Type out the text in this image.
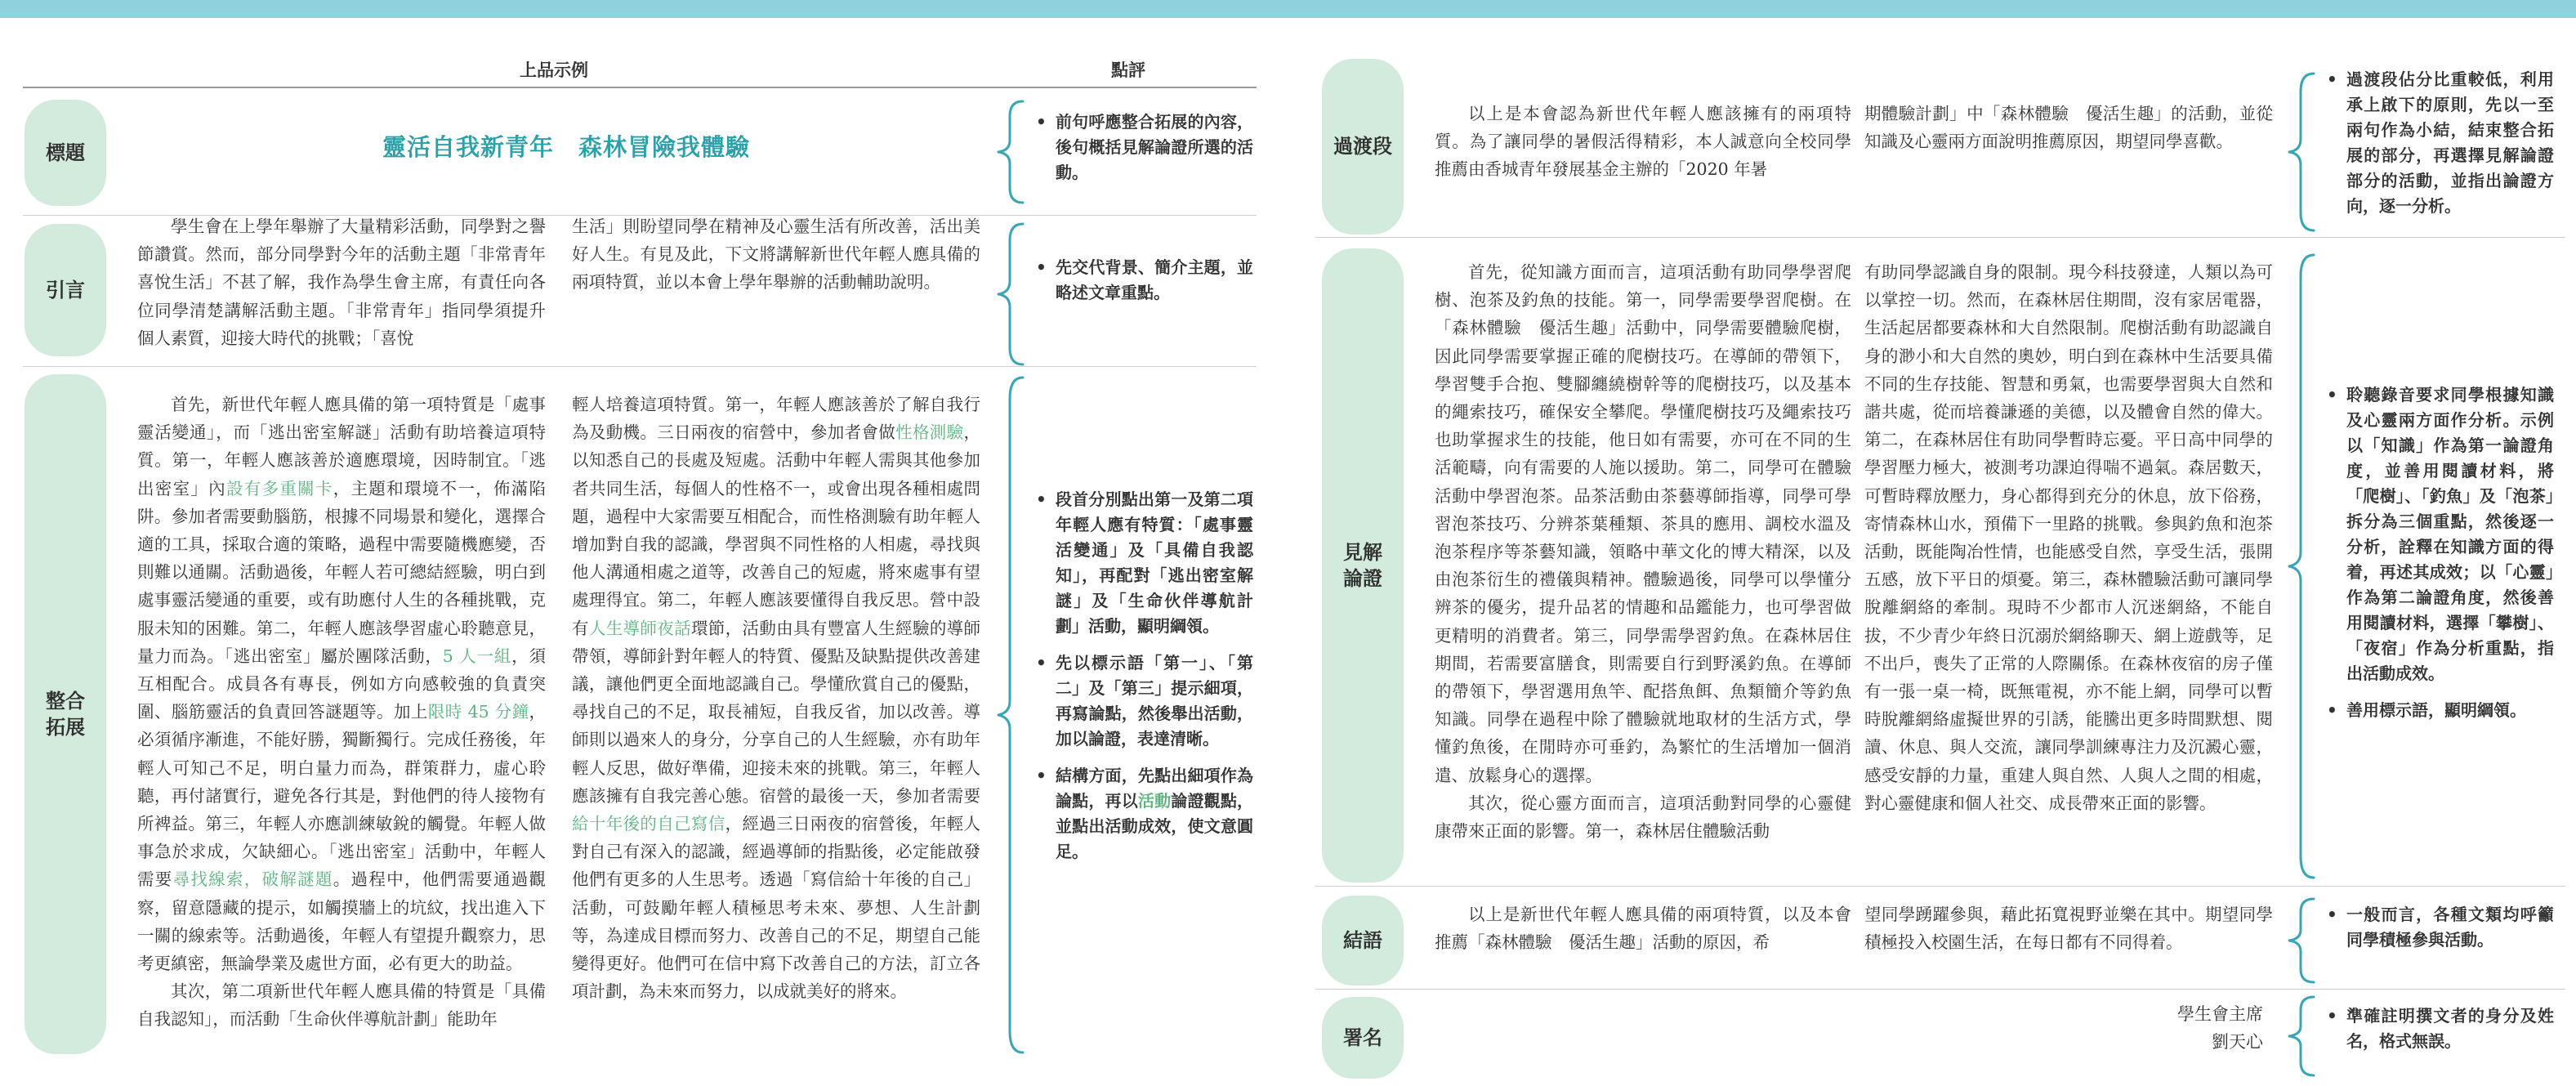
上品示例	點評
標題	靈活自我新青年　森林冒險我體驗
• 前句呼應整合拓展的內容，後句概括見解論證所選的活動。
引言

學生會在上學年舉辦了大量精彩活動，同學對之譽節讚賞。然而，部分同學對今年的活動主題「非常青年　喜悅生活」不甚了解，我作為學生會主席，有責任向各位同學清楚講解活動主題。「非常青年」指同學須提升個人素質，迎接大時代的挑戰；「喜悅

生活」則盼望同學在精神及心靈生活有所改善，活出美好人生。有見及此，下文將講解新世代年輕人應具備的兩項特質，並以本會上學年舉辦的活動輔助說明。

• 先交代背景、簡介主題，並略述文章重點。
整合
拓展

首先，新世代年輕人應具備的第一項特質是「處事靈活變通」，而「逃出密室解謎」活動有助培養這項特質。第一，年輕人應該善於適應環境，因時制宜。「逃出密室」內設有多重關卡，主題和環境不一，佈滿陷阱。參加者需要動腦筋，根據不同場景和變化，選擇合適的工具，採取合適的策略，過程中需要隨機應變，否則難以通關。活動過後，年輕人若可總結經驗，明白到處事靈活變通的重要，或有助應付人生的各種挑戰，克服未知的困難。第二，年輕人應該學習虛心聆聽意見，量力而為。「逃出密室」屬於團隊活動，5 人一組，須互相配合。成員各有專長，例如方向感較強的負責突圍、腦筋靈活的負責回答謎題等。加上限時 45 分鐘，必須循序漸進，不能好勝，獨斷獨行。完成任務後，年輕人可知己不足，明白量力而為，群策群力，虛心聆聽，再付諸實行，避免各行其是，對他們的待人接物有所裨益。第三，年輕人亦應訓練敏銳的觸覺。年輕人做事急於求成，欠缺細心。「逃出密室」活動中，年輕人需要尋找線索，破解謎題。過程中，他們需要通過觀察，留意隱藏的提示，如觸摸牆上的坑紋，找出進入下一關的線索等。活動過後，年輕人有望提升觀察力，思考更縝密，無論學業及處世方面，必有更大的助益。

其次，第二項新世代年輕人應具備的特質是「具備自我認知」，而活動「生命伙伴導航計劃」能助年

輕人培養這項特質。第一，年輕人應該善於了解自我行為及動機。三日兩夜的宿營中，參加者會做性格測驗，以知悉自己的長處及短處。活動中年輕人需與其他參加者共同生活，每個人的性格不一，或會出現各種相處問題，過程中大家需要互相配合，而性格測驗有助年輕人增加對自我的認識，學習與不同性格的人相處，尋找與他人溝通相處之道等，改善自己的短處，將來處事有望處理得宜。第二，年輕人應該要懂得自我反思。營中設有人生導師夜話環節，活動由具有豐富人生經驗的導師帶領，導師針對年輕人的特質、優點及缺點提供改善建議，讓他們更全面地認識自己。學懂欣賞自己的優點，尋找自己的不足，取長補短，自我反省，加以改善。導師則以過來人的身分，分享自己的人生經驗，亦有助年輕人反思，做好準備，迎接未來的挑戰。第三，年輕人應該擁有自我完善心態。宿營的最後一天，參加者需要給十年後的自己寫信，經過三日兩夜的宿營後，年輕人對自己有深入的認識，經過導師的指點後，必定能啟發他們有更多的人生思考。透過「寫信給十年後的自己」活動，可鼓勵年輕人積極思考未來、夢想、人生計劃等，為達成目標而努力、改善自己的不足，期望自己能變得更好。他們可在信中寫下改善自己的方法，訂立各項計劃，為未來而努力，以成就美好的將來。

• 段首分別點出第一及第二項年輕人應有特質：「處事靈活變通」及「具備自我認知」，再配對「逃出密室解謎」及「生命伙伴導航計劃」活動，顯明綱領。
• 先以標示語「第一」、「第二」及「第三」提示細項，再寫論點，然後舉出活動，加以論證，表達清晰。
• 結構方面，先點出細項作為論點，再以活動論證觀點，並點出活動成效，使文意圓足。
過渡段

以上是本會認為新世代年輕人應該擁有的兩項特質。為了讓同學的暑假活得精彩，本人誠意向全校同學推薦由香城青年發展基金主辦的「2020 年暑

期體驗計劃」中「森林體驗　優活生趣」的活動，並從知識及心靈兩方面說明推薦原因，期望同學喜歡。

• 過渡段佔分比重較低，利用承上啟下的原則，先以一至兩句作為小結，結束整合拓展的部分，再選擇見解論證部分的活動，並指出論證方向，逐一分析。
見解
論證

首先，從知識方面而言，這項活動有助同學學習爬樹、泡茶及釣魚的技能。第一，同學需要學習爬樹。在「森林體驗　優活生趣」活動中，同學需要體驗爬樹，因此同學需要掌握正確的爬樹技巧。在導師的帶領下，學習雙手合抱、雙腳纏繞樹幹等的爬樹技巧，以及基本的繩索技巧，確保安全攀爬。學懂爬樹技巧及繩索技巧也助掌握求生的技能，他日如有需要，亦可在不同的生活範疇，向有需要的人施以援助。第二，同學可在體驗活動中學習泡茶。品茶活動由茶藝導師指導，同學可學習泡茶技巧、分辨茶葉種類、茶具的應用、調校水溫及泡茶程序等茶藝知識，領略中華文化的博大精深，以及由泡茶衍生的禮儀與精神。體驗過後，同學可以學懂分辨茶的優劣，提升品茗的情趣和品鑑能力，也可學習做更精明的消費者。第三，同學需學習釣魚。在森林居住期間，若需要富膳食，則需要自行到野溪釣魚。在導師的帶領下，學習選用魚竿、配搭魚餌、魚類簡介等釣魚知識。同學在過程中除了體驗就地取材的生活方式，學懂釣魚後，在閒時亦可垂釣，為繁忙的生活增加一個消遣、放鬆身心的選擇。

其次，從心靈方面而言，這項活動對同學的心靈健康帶來正面的影響。第一，森林居住體驗活動

有助同學認識自身的限制。現今科技發達，人類以為可以掌控一切。然而，在森林居住期間，沒有家居電器，生活起居都要森林和大自然限制。爬樹活動有助認識自身的渺小和大自然的奧妙，明白到在森林中生活要具備不同的生存技能、智慧和勇氣，也需要學習與大自然和諧共處，從而培養謙遜的美德，以及體會自然的偉大。第二，在森林居住有助同學暫時忘憂。平日高中同學的學習壓力極大，被測考功課迫得喘不過氣。森居數天，可暫時釋放壓力，身心都得到充分的休息，放下俗務，寄情森林山水，預備下一里路的挑戰。參與釣魚和泡茶活動，既能陶冶性情，也能感受自然，享受生活，張開五感，放下平日的煩憂。第三，森林體驗活動可讓同學脫離網絡的牽制。現時不少都市人沉迷網絡，不能自拔，不少青少年終日沉溺於網絡聊天、網上遊戲等，足不出戶，喪失了正常的人際關係。在森林夜宿的房子僅有一張一桌一椅，既無電視，亦不能上網，同學可以暫時脫離網絡虛擬世界的引誘，能騰出更多時間默想、閱讀、休息、與人交流，讓同學訓練專注力及沉澱心靈，感受安靜的力量，重建人與自然、人與人之間的相處，對心靈健康和個人社交、成長帶來正面的影響。

• 聆聽錄音要求同學根據知識及心靈兩方面作分析。示例以「知識」作為第一論證角度，並善用閱讀材料，將「爬樹」、「釣魚」及「泡茶」拆分為三個重點，然後逐一分析，詮釋在知識方面的得着，再述其成效；以「心靈」作為第二論證角度，然後善用閱讀材料，選擇「攀樹」、「夜宿」作為分析重點，指出活動成效。
• 善用標示語，顯明綱領。
結語

以上是新世代年輕人應具備的兩項特質，以及本會推薦「森林體驗　優活生趣」活動的原因，希

望同學踴躍參與，藉此拓寬視野並樂在其中。期望同學積極投入校園生活，在每日都有不同得着。

• 一般而言，各種文類均呼籲同學積極參與活動。
署名
學生會主席
劉天心
• 準確註明撰文者的身分及姓名，格式無誤。
